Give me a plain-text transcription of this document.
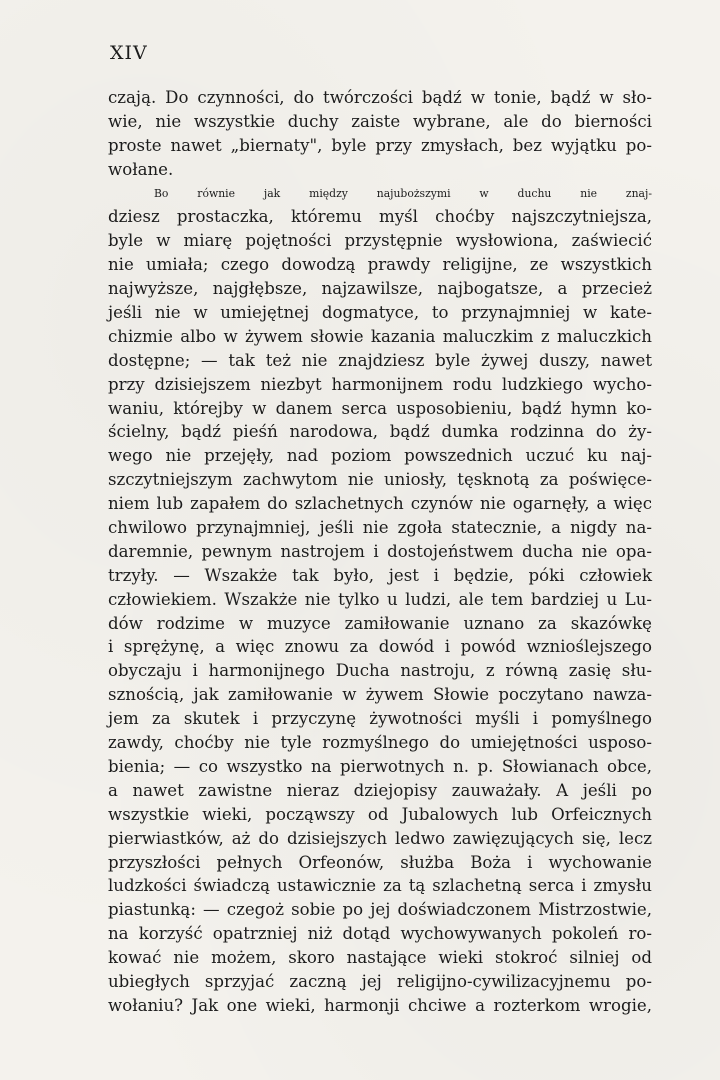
XIV
czają. Do czynności, do twórczości bądź w tonie, bądź w sło-
wie, nie wszystkie duchy zaiste wybrane, ale do bierności
proste nawet „biernaty", byle przy zmysłach, bez wyjątku po-
wołane.
Bo równie jak między najuboższymi w duchu nie znaj-
dziesz prostaczka, któremu myśl choćby najszczytniejsza,
byle w miarę pojętności przystępnie wysłowiona, zaświecić
nie umiała; czego dowodzą prawdy religijne, ze wszystkich
najwyższe, najgłębsze, najzawilsze, najbogatsze, a przecież
jeśli nie w umiejętnej dogmatyce, to przynajmniej w kate-
chizmie albo w żywem słowie kazania maluczkim z maluczkich
dostępne; — tak też nie znajdziesz byle żywej duszy, nawet
przy dzisiejszem niezbyt harmonijnem rodu ludzkiego wycho-
waniu, którejby w danem serca usposobieniu, bądź hymn ko-
ścielny, bądź pieśń narodowa, bądź dumka rodzinna do ży-
wego nie przejęły, nad poziom powszednich uczuć ku naj-
szczytniejszym zachwytom nie uniosły, tęsknotą za poświęce-
niem lub zapałem do szlachetnych czynów nie ogarnęły, a więc
chwilowo przynajmniej, jeśli nie zgoła statecznie, a nigdy na-
daremnie, pewnym nastrojem i dostojeństwem ducha nie opa-
trzyły. — Wszakże tak było, jest i będzie, póki człowiek
człowiekiem. Wszakże nie tylko u ludzi, ale tem bardziej u Lu-
dów rodzime w muzyce zamiłowanie uznano za skazówkę
i sprężynę, a więc znowu za dowód i powód wznioślejszego
obyczaju i harmonijnego Ducha nastroju, z równą zasię słu-
sznością, jak zamiłowanie w żywem Słowie poczytano nawza-
jem za skutek i przyczynę żywotności myśli i pomyślnego
zawdy, choćby nie tyle rozmyślnego do umiejętności usposo-
bienia; — co wszystko na pierwotnych n. p. Słowianach obce,
a nawet zawistne nieraz dziejopisy zauważały. A jeśli po
wszystkie wieki, począwszy od Jubalowych lub Orfeicznych
pierwiastków, aż do dzisiejszych ledwo zawięzujących się, lecz
przyszłości pełnych Orfeonów, służba Boża i wychowanie
ludzkości świadczą ustawicznie za tą szlachetną serca i zmysłu
piastunką: — czegoż sobie po jej doświadczonem Mistrzostwie,
na korzyść opatrzniej niż dotąd wychowywanych pokoleń ro-
kować nie możem, skoro nastające wieki stokroć silniej od
ubiegłych sprzyjać zaczną jej religijno-cywilizacyjnemu po-
wołaniu? Jak one wieki, harmonji chciwe a rozterkom wrogie,
